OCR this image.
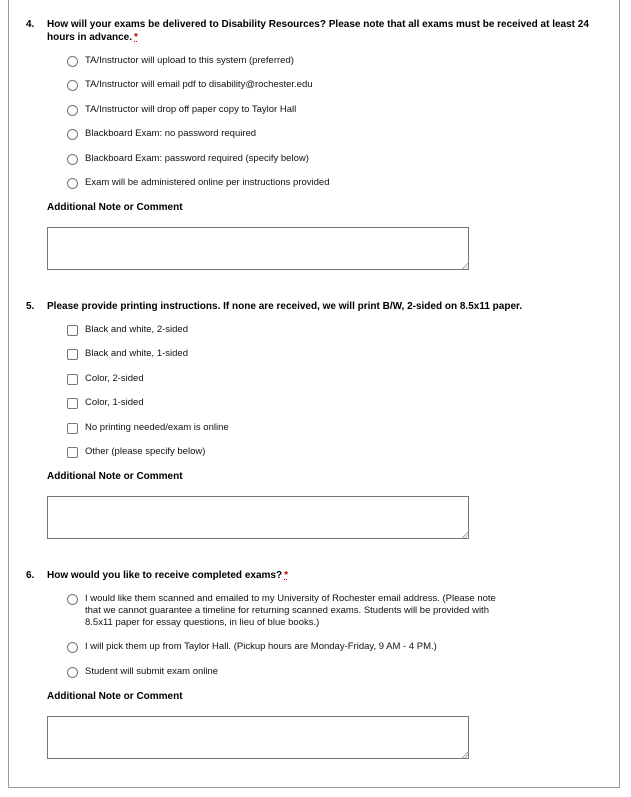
4. How will your exams be delivered to Disability Resources? Please note that all exams must be received at least 24 hours in advance. *
TA/Instructor will upload to this system (preferred)
TA/Instructor will email pdf to disability@rochester.edu
TA/Instructor will drop off paper copy to Taylor Hall
Blackboard Exam: no password required
Blackboard Exam: password required (specify below)
Exam will be administered online per instructions provided
Additional Note or Comment
5. Please provide printing instructions. If none are received, we will print B/W, 2-sided on 8.5x11 paper.
Black and white, 2-sided
Black and white, 1-sided
Color, 2-sided
Color, 1-sided
No printing needed/exam is online
Other (please specify below)
Additional Note or Comment
6. How would you like to receive completed exams? *
I would like them scanned and emailed to my University of Rochester email address. (Please note that we cannot guarantee a timeline for returning scanned exams. Students will be provided with 8.5x11 paper for essay questions, in lieu of blue books.)
I will pick them up from Taylor Hall. (Pickup hours are Monday-Friday, 9 AM - 4 PM.)
Student will submit exam online
Additional Note or Comment
